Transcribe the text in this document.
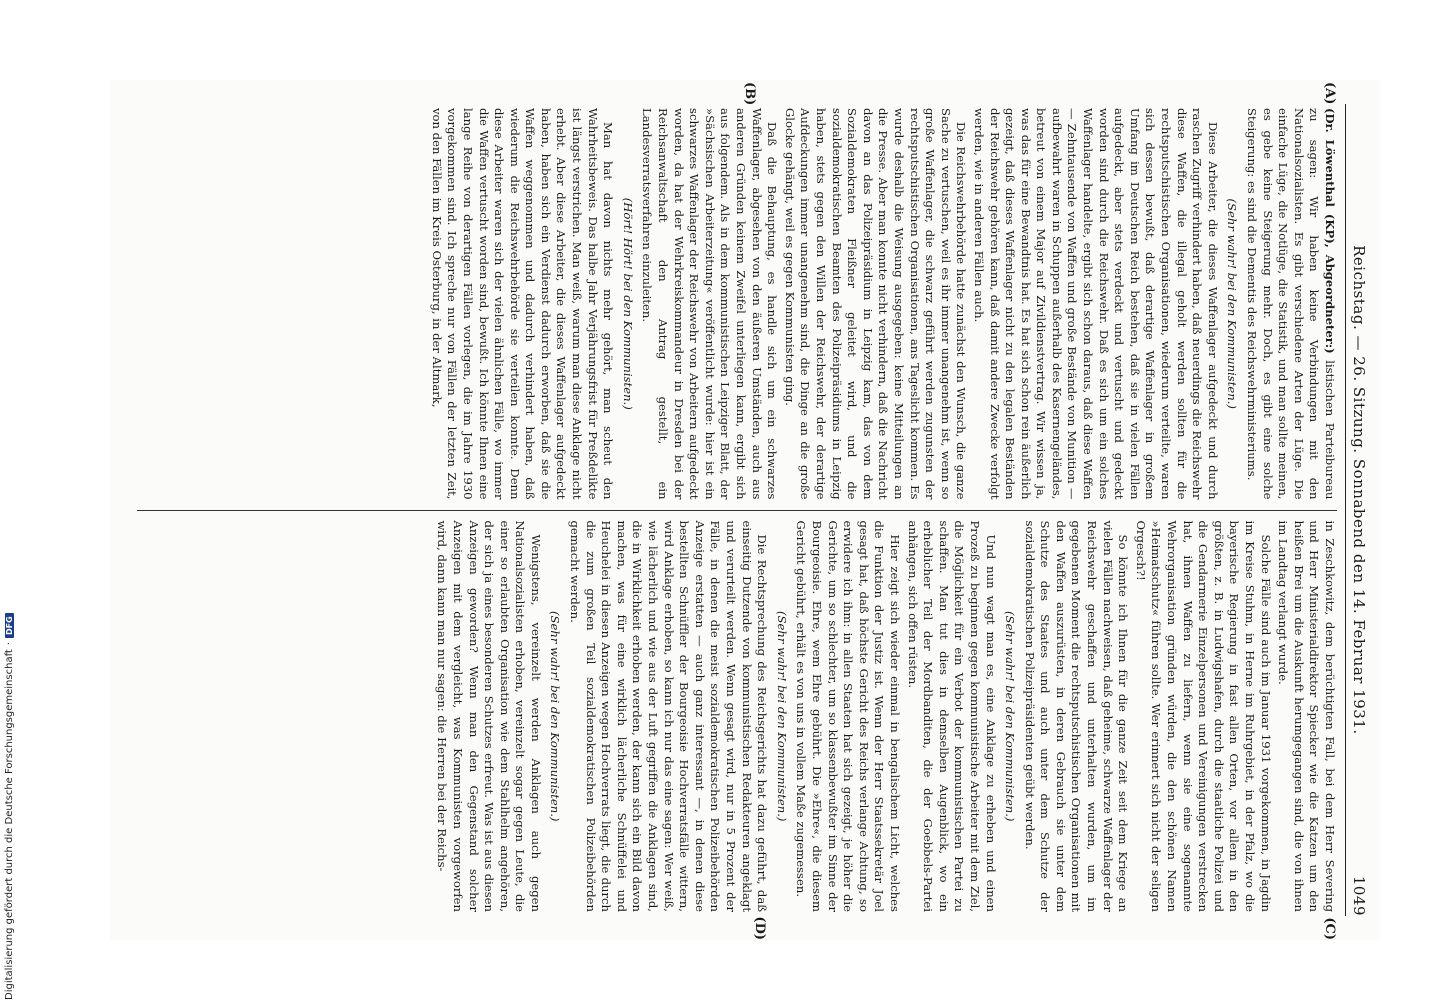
Reichstag. — 26. Sitzung. Sonnabend den 14. Februar 1931.
1049

(Dr. Löwenthal (KP), Abgeordneter:) listischen Parteibureau zu sagen: Wir haben keine Verbindungen mit den Nationalsozialisten. Es gibt verschiedene Arten der Lüge. Die einfache Lüge, die Notlüge, die Statistik, und man sollte meinen, es gebe keine Steigerung mehr. Doch, es gibt eine solche Steigerung: es sind die Dementis des Reichswehrministeriums.

(Sehr wahr! bei den Kommunisten.)

Diese Arbeiter, die dieses Waffenlager aufgedeckt und durch raschen Zugriff verhindert haben, daß neuerdings die Reichswehr diese Waffen, die illegal geholt werden sollten für die rechtsputschistischen Organisationen, wiederum verteilte, waren sich dessen bewußt, daß derartige Waffenlager in großem Umfang im Deutschen Reich bestehen, daß sie in vielen Fällen aufgedeckt, aber stets verdeckt und vertuscht und gedeckt worden sind durch die Reichswehr. Daß es sich um ein solches Waffenlager handelte, ergibt sich schon daraus, daß diese Waffen — Zehntausende von Waffen und große Bestände von Munition — aufbewahrt waren in Schuppen außerhalb des Kasernengeländes, betreut von einem Major auf Zivildienstvertrag. Wir wissen ja, was das für eine Bewandtnis hat. Es hat sich schon rein äußerlich gezeigt, daß dieses Waffenlager nicht zu den legalen Beständen der Reichswehr gehören kann, daß damit andere Zwecke verfolgt werden, wie in anderen Fällen auch.

Die Reichswehrbehörde hatte zunächst den Wunsch, die ganze Sache zu vertuschen, weil es ihr immer unangenehm ist, wenn so große Waffenlager, die schwarz geführt werden zugunsten der rechtsputschistischen Organisationen, ans Tageslicht kommen. Es wurde deshalb die Weisung ausgegeben: keine Mitteilungen an die Presse. Aber man konnte nicht verhindern, daß die Nachricht davon an das Polizeipräsidium in Leipzig kam, das von dem Sozialdemokraten Fleißner geleitet wird, und die sozialdemokratischen Beamten des Polizeipräsidiums in Leipzig haben, stets gegen den Willen der Reichswehr, der derartige Aufdeckungen immer unangenehm sind, die Dinge an die große Glocke gehängt, weil es gegen Kommunisten ging.

Daß die Behauptung, es handle sich um ein schwarzes Waffenlager, abgesehen von den äußeren Umständen, auch aus anderen Gründen keinem Zweifel unterliegen kann, ergibt sich aus folgendem. Als in dem kommunistischen Leipziger Blatt, der »Sächsischen Arbeiterzeitung« veröffentlicht wurde: hier ist ein schwarzes Waffenlager der Reichswehr von Arbeitern aufgedeckt worden, da hat der Wehrkreiskommandeur in Dresden bei der Reichsanwaltschaft den Antrag gestellt, ein Landesverratsverfahren einzuleiten.

(Hört! Hört! bei den Kommunisten.)

Man hat davon nichts mehr gehört, man scheut den Wahrheitsbeweis. Das halbe Jahr Verjährungsfrist für Preßdelikte ist längst verstrichen. Man weiß, warum man diese Anklage nicht erhebt. Aber diese Arbeiter, die dieses Waffenlager aufgedeckt haben, haben sich ein Verdienst dadurch erworben, daß sie die Waffen weggenommen und dadurch verhindert haben, daß wiederum die Reichswehrbehörde sie verteilen konnte. Denn diese Arbeiter waren sich der vielen ähnlichen Fälle, wo immer die Waffen vertuscht worden sind, bewußt. Ich könnte Ihnen eine lange Reihe von derartigen Fällen vorlegen, die im Jahre 1930 vorgekommen sind. Ich spreche nur von Fällen der letzten Zeit, von den Fällen im Kreis Osterburg, in der Altmark,

in Zeschkowitz, dem berüchtigten Fall, bei dem Herr Severing und Herr Ministerialdirektor Spiecker wie die Katzen um den heißen Brei um die Auskunft herumgegangen sind, die von ihnen im Landtag verlangt wurde.

Solche Fälle sind auch im Januar 1931 vorgekommen, in Jagdin im Kreise Stuhm, in Herne im Ruhrgebiet, in der Pfalz, wo die bayerische Regierung in fast allen Orten, vor allem in den größten, z. B. in Ludwigshafen, durch die staatliche Polizei und die Gendarmerie Einzelpersonen und Vereinigungen verstrecken hat, ihnen Waffen zu liefern, wenn sie eine sogenannte Wehrorganisation gründen würden, die den schönen Namen »Heimatschutz« führen sollte. Wer erinnert sich nicht der seligen Orgesch?!

So könnte ich Ihnen für die ganze Zeit seit dem Kriege an vielen Fällen nachweisen, daß geheime, schwarze Waffenlager der Reichswehr geschaffen und unterhalten wurden, um im gegebenen Moment die rechtsputschistischen Organisationen mit den Waffen auszurüsten, in deren Gebrauch sie unter dem Schutze des Staates und auch unter dem Schutze der sozialdemokratischen Polizeipräsidenten geübt werden.

(Sehr wahr! bei den Kommunisten.)

Und nun wagt man es, eine Anklage zu erheben und einen Prozeß zu beginnen gegen kommunistische Arbeiter mit dem Ziel, die Möglichkeit für ein Verbot der kommunistischen Partei zu schaffen. Man tut dies in demselben Augenblick, wo ein erheblicher Teil der Mordbanditen, die der Goebbels-Partei anhängen, sich offen rüsten.

Hier zeigt sich wieder einmal in bengalischem Licht, welches die Funktion der Justiz ist. Wenn der Herr Staatssekretär Joel gesagt hat, daß höchste Gericht des Reichs verlange Achtung, so erwidere ich ihm: in allen Staaten hat sich gezeigt, je höher die Gerichte, um so schlechter, um so klassenbewußter im Sinne der Bourgeoisie. Ehre, wem Ehre gebührt. Die »Ehre«, die diesem Gericht gebührt, erhält es von uns in vollem Maße zugemessen.

(Sehr wahr! bei den Kommunisten.)

Die Rechtsprechung des Reichsgerichts hat dazu geführt, daß einseitig Dutzende von kommunistischen Redakteuren angeklagt und verurteilt werden. Wenn gesagt wird, nur in 5 Prozent der Fälle, in denen die meist sozialdemokratischen Polizeibehörden Anzeige erstatten — auch ganz interessant —, in denen diese bestellten Schnüffler der Bourgeoisie Hochverratsfälle wittern, wird Anklage erhoben, so kann ich nur das eine sagen: Wer weiß, wie lächerlich und wie aus der Luft gegriffen die Anklagen sind, die in Wirklichkeit erhoben werden, der kann sich ein Bild davon machen, was für eine wirklich lächerliche Schnüffelei und Heuchelei in diesen Anzeigen wegen Hochverrats liegt, die durch die zum großen Teil sozialdemokratischen Polizeibehörden gemacht werden.

(Sehr wahr! bei den Kommunisten.)

Wenigstens, vereinzelt werden Anklagen auch gegen Nationalsozialisten erhoben, vereinzelt sogar gegen Leute, die einer so erlaubten Organisation wie dem Stahlhelm angehören, der sich ja eines besonderen Schutzes erfreut. Was ist aus diesen Anzeigen geworden? Wenn man den Gegenstand solcher Anzeigen mit dem vergleicht, was Kommunisten vorgeworfen wird, dann kann man nur sagen: die Herren bei der Reichs-

(A)
(B)
(C)
(D)
Digitalisierung gefördert durch die Deutsche Forschungsgemeinschaft
·
DFG
